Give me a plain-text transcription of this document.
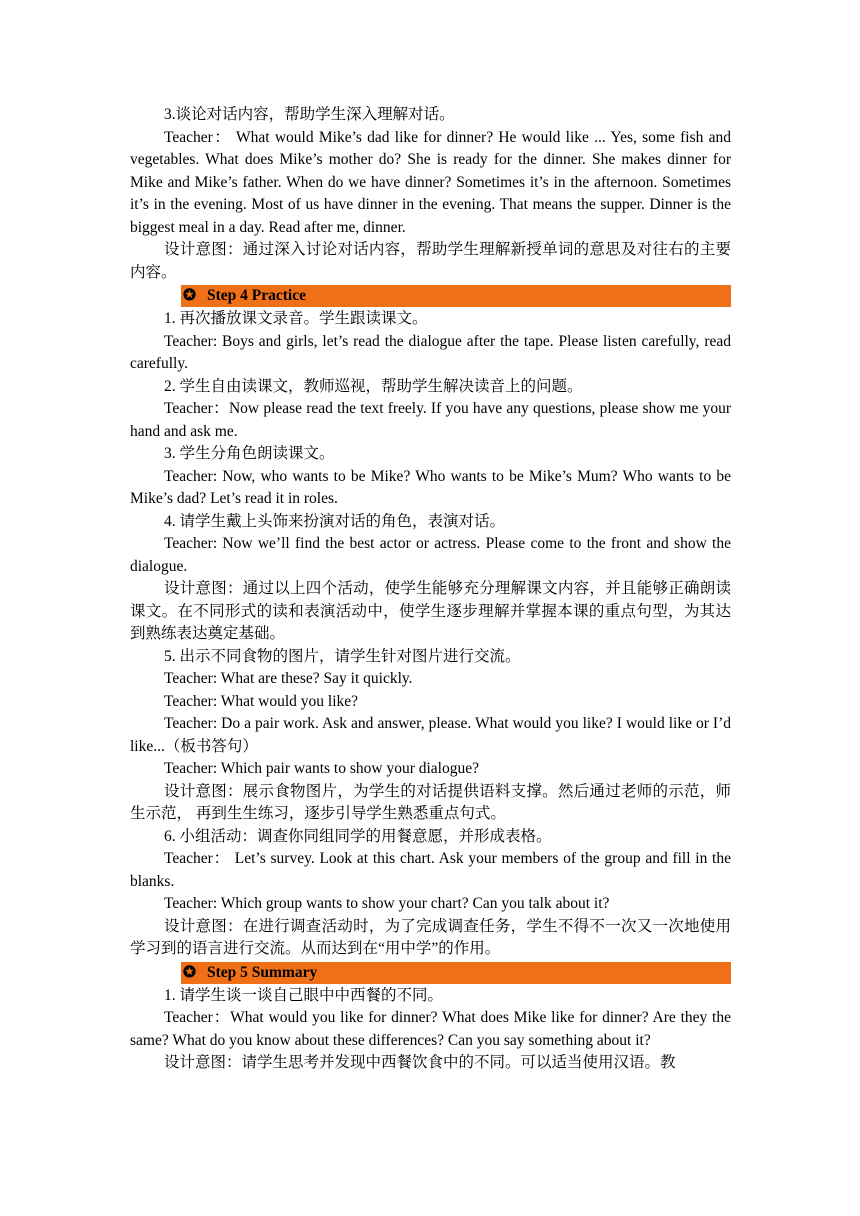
3.谈论对话内容，帮助学生深入理解对话。

Teacher： What would Mike’s dad like for dinner? He would like ... Yes, some fish and vegetables. What does Mike’s mother do? She is ready for the dinner. She makes dinner for Mike and Mike’s father. When do we have dinner? Sometimes it’s in the afternoon. Sometimes it’s in the evening. Most of us have dinner in the evening. That means the supper. Dinner is the biggest meal in a day. Read after me, dinner.

设计意图：通过深入讨论对话内容，帮助学生理解新授单词的意思及对往右的主要内容。

✪ Step 4 Practice

1. 再次播放课文录音。学生跟读课文。

Teacher: Boys and girls, let’s read the dialogue after the tape. Please listen carefully, read carefully.

2. 学生自由读课文，教师巡视，帮助学生解决读音上的问题。

Teacher：Now please read the text freely. If you have any questions, please show me your hand and ask me.

3. 学生分角色朗读课文。

Teacher: Now, who wants to be Mike? Who wants to be Mike’s Mum? Who wants to be Mike’s dad? Let’s read it in roles.

4. 请学生戴上头饰来扮演对话的角色，表演对话。

Teacher: Now we’ll find the best actor or actress. Please come to the front and show the dialogue.

设计意图：通过以上四个活动，使学生能够充分理解课文内容，并且能够正确朗读课文。在不同形式的读和表演活动中，使学生逐步理解并掌握本课的重点句型，为其达到熟练表达奠定基础。

5. 出示不同食物的图片，请学生针对图片进行交流。

Teacher: What are these? Say it quickly.

Teacher: What would you like?

Teacher: Do a pair work. Ask and answer, please. What would you like? I would like or I’d like...（板书答句）

Teacher: Which pair wants to show your dialogue?

设计意图：展示食物图片，为学生的对话提供语料支撑。然后通过老师的示范，师生示范， 再到生生练习，逐步引导学生熟悉重点句式。

6. 小组活动：调查你同组同学的用餐意愿，并形成表格。

Teacher： Let’s survey. Look at this chart. Ask your members of the group and fill in the blanks.

Teacher: Which group wants to show your chart? Can you talk about it?

设计意图：在进行调查活动时，为了完成调查任务，学生不得不一次又一次地使用学习到的语言进行交流。从而达到在“用中学”的作用。

✪ Step 5 Summary

1. 请学生谈一谈自己眼中中西餐的不同。

Teacher：What would you like for dinner? What does Mike like for dinner? Are they the same? What do you know about these differences? Can you say something about it?

设计意图：请学生思考并发现中西餐饮食中的不同。可以适当使用汉语。教
